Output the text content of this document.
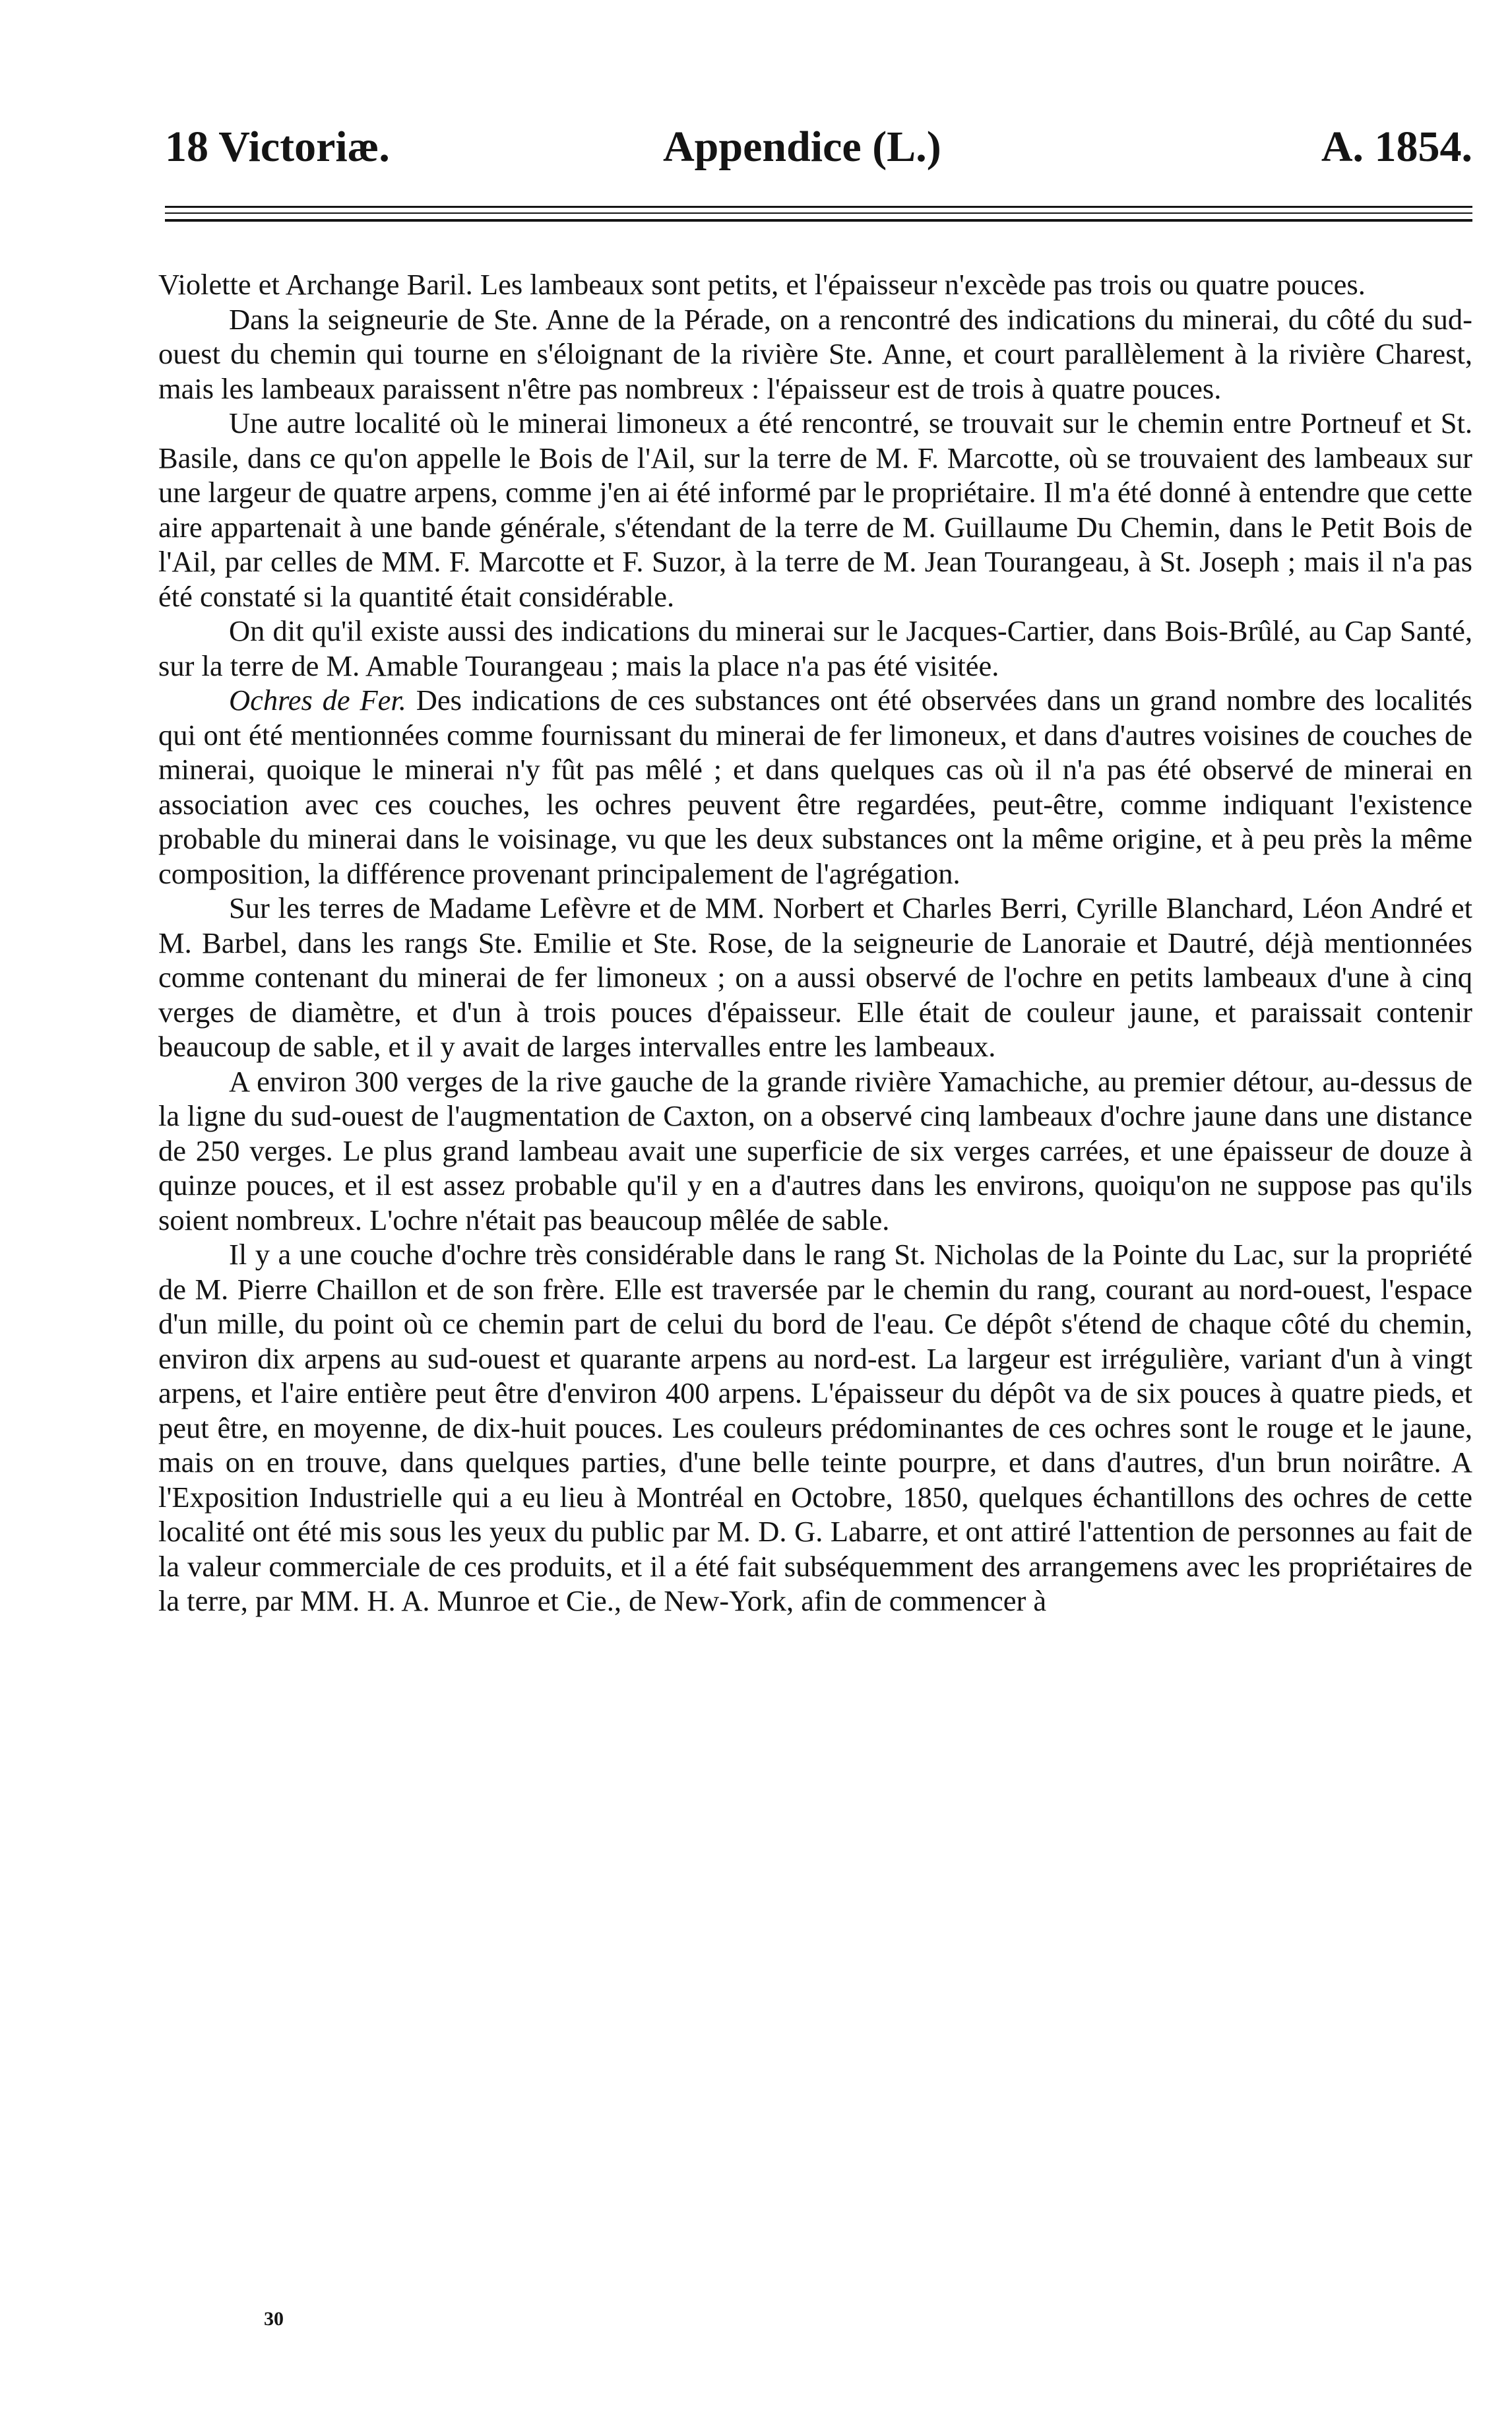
18 Victoriæ.	Appendice (L.)	A. 1854.

Violette et Archange Baril. Les lambeaux sont petits, et l'épaisseur n'excède pas trois ou quatre pouces.

Dans la seigneurie de Ste. Anne de la Pérade, on a rencontré des indications du minerai, du côté du sud-ouest du chemin qui tourne en s'éloignant de la rivière Ste. Anne, et court parallèlement à la rivière Charest, mais les lambeaux paraissent n'être pas nombreux : l'épaisseur est de trois à quatre pouces.

Une autre localité où le minerai limoneux a été rencontré, se trouvait sur le chemin entre Portneuf et St. Basile, dans ce qu'on appelle le Bois de l'Ail, sur la terre de M. F. Marcotte, où se trouvaient des lambeaux sur une largeur de quatre arpens, comme j'en ai été informé par le propriétaire. Il m'a été donné à entendre que cette aire appartenait à une bande générale, s'étendant de la terre de M. Guillaume Du Chemin, dans le Petit Bois de l'Ail, par celles de MM. F. Marcotte et F. Suzor, à la terre de M. Jean Tourangeau, à St. Joseph ; mais il n'a pas été constaté si la quantité était considérable.

On dit qu'il existe aussi des indications du minerai sur le Jacques-Cartier, dans Bois-Brûlé, au Cap Santé, sur la terre de M. Amable Tourangeau ; mais la place n'a pas été visitée.

Ochres de Fer. Des indications de ces substances ont été observées dans un grand nombre des localités qui ont été mentionnées comme fournissant du minerai de fer limoneux, et dans d'autres voisines de couches de minerai, quoique le minerai n'y fût pas mêlé ; et dans quelques cas où il n'a pas été observé de minerai en association avec ces couches, les ochres peuvent être regardées, peut-être, comme indiquant l'existence probable du minerai dans le voisinage, vu que les deux substances ont la même origine, et à peu près la même composition, la différence provenant principalement de l'agrégation.

Sur les terres de Madame Lefèvre et de MM. Norbert et Charles Berri, Cyrille Blanchard, Léon André et M. Barbel, dans les rangs Ste. Emilie et Ste. Rose, de la seigneurie de Lanoraie et Dautré, déjà mentionnées comme contenant du minerai de fer limoneux ; on a aussi observé de l'ochre en petits lambeaux d'une à cinq verges de diamètre, et d'un à trois pouces d'épaisseur. Elle était de couleur jaune, et paraissait contenir beaucoup de sable, et il y avait de larges intervalles entre les lambeaux.

A environ 300 verges de la rive gauche de la grande rivière Yamachiche, au premier détour, au-dessus de la ligne du sud-ouest de l'augmentation de Caxton, on a observé cinq lambeaux d'ochre jaune dans une distance de 250 verges. Le plus grand lambeau avait une superficie de six verges carrées, et une épaisseur de douze à quinze pouces, et il est assez probable qu'il y en a d'autres dans les environs, quoiqu'on ne suppose pas qu'ils soient nombreux. L'ochre n'était pas beaucoup mêlée de sable.

Il y a une couche d'ochre très considérable dans le rang St. Nicholas de la Pointe du Lac, sur la propriété de M. Pierre Chaillon et de son frère. Elle est traversée par le chemin du rang, courant au nord-ouest, l'espace d'un mille, du point où ce chemin part de celui du bord de l'eau. Ce dépôt s'étend de chaque côté du chemin, environ dix arpens au sud-ouest et quarante arpens au nord-est. La largeur est irrégulière, variant d'un à vingt arpens, et l'aire entière peut être d'environ 400 arpens. L'épaisseur du dépôt va de six pouces à quatre pieds, et peut être, en moyenne, de dix-huit pouces. Les couleurs prédominantes de ces ochres sont le rouge et le jaune, mais on en trouve, dans quelques parties, d'une belle teinte pourpre, et dans d'autres, d'un brun noirâtre. A l'Exposition Industrielle qui a eu lieu à Montréal en Octobre, 1850, quelques échantillons des ochres de cette localité ont été mis sous les yeux du public par M. D. G. Labarre, et ont attiré l'attention de personnes au fait de la valeur commerciale de ces produits, et il a été fait subséquemment des arrangemens avec les propriétaires de la terre, par MM. H. A. Munroe et Cie., de New-York, afin de commencer à

30
